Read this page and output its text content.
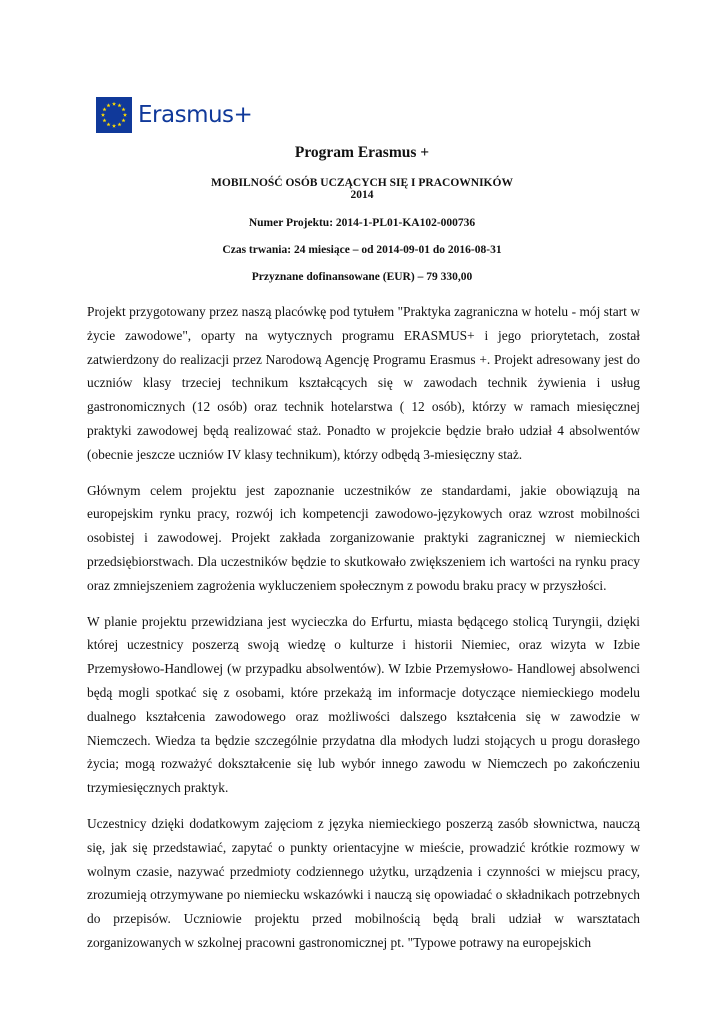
Erasmus+
Program Erasmus +
MOBILNOŚĆ OSÓB UCZĄCYCH SIĘ I PRACOWNIKÓW
2014
Numer Projektu: 2014-1-PL01-KA102-000736
Czas trwania: 24 miesiące – od 2014-09-01 do 2016-08-31
Przyznane dofinansowane (EUR) – 79 330,00

Projekt przygotowany przez naszą placówkę pod tytułem "Praktyka zagraniczna w hotelu - mój start w życie zawodowe", oparty na wytycznych programu ERASMUS+ i jego priorytetach, został zatwierdzony do realizacji przez Narodową Agencję Programu Erasmus +. Projekt adresowany jest do uczniów klasy trzeciej technikum kształcących się w zawodach technik żywienia i usług gastronomicznych (12 osób) oraz technik hotelarstwa ( 12 osób), którzy w ramach miesięcznej praktyki zawodowej będą realizować staż. Ponadto w projekcie będzie brało udział 4 absolwentów (obecnie jeszcze uczniów IV klasy technikum), którzy odbędą 3-miesięczny staż.

Głównym celem projektu jest zapoznanie uczestników ze standardami, jakie obowiązują na europejskim rynku pracy, rozwój ich kompetencji zawodowo-językowych oraz wzrost mobilności osobistej i zawodowej. Projekt zakłada zorganizowanie praktyki zagranicznej w niemieckich przedsiębiorstwach. Dla uczestników będzie to skutkowało zwiększeniem ich wartości na rynku pracy oraz zmniejszeniem zagrożenia wykluczeniem społecznym z powodu braku pracy w przyszłości.

W planie projektu przewidziana jest wycieczka do Erfurtu, miasta będącego stolicą Turyngii, dzięki której uczestnicy poszerzą swoją wiedzę o kulturze i historii Niemiec, oraz wizyta w Izbie Przemysłowo-Handlowej (w przypadku absolwentów). W Izbie Przemysłowo- Handlowej absolwenci będą mogli spotkać się z osobami, które przekażą im informacje dotyczące niemieckiego modelu dualnego kształcenia zawodowego oraz możliwości dalszego kształcenia się w zawodzie w Niemczech. Wiedza ta będzie szczególnie przydatna dla młodych ludzi stojących u progu dorasłego życia; mogą rozważyć dokształcenie się lub wybór innego zawodu w Niemczech po zakończeniu trzymiesięcznych praktyk.

Uczestnicy dzięki dodatkowym zajęciom z języka niemieckiego poszerzą zasób słownictwa, nauczą się, jak się przedstawiać, zapytać o punkty orientacyjne w mieście, prowadzić krótkie rozmowy w wolnym czasie, nazywać przedmioty codziennego użytku, urządzenia i czynności w miejscu pracy, zrozumieją otrzymywane po niemiecku wskazówki i nauczą się opowiadać o składnikach potrzebnych do przepisów. Uczniowie projektu przed mobilnością będą brali udział w warsztatach zorganizowanych w szkolnej pracowni gastronomicznej pt. "Typowe potrawy na europejskich
